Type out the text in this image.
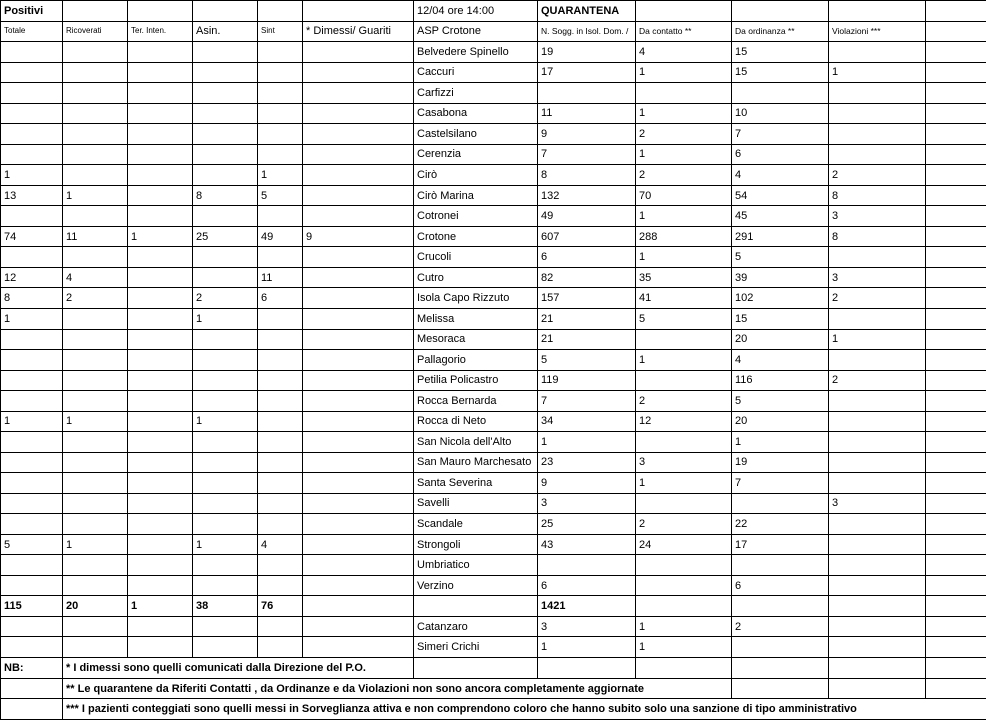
Positivi						12/04 ore 14:00	QUARANTENA				
Totale	Ricoverati	Ter. Inten.	Asin.	Sint	* Dimessi/ Guariti	ASP Crotone	N. Sogg. in Isol. Dom. /	Da contatto **	Da ordinanza **	Violazioni ***	
						Belvedere Spinello	19	4	15		
						Caccuri	17	1	15	1	
						Carfizzi					
						Casabona	11	1	10		
						Castelsilano	9	2	7		
						Cerenzia	7	1	6		
1				1		Cirò	8	2	4	2	
13	1		8	5		Cirò Marina	132	70	54	8	
						Cotronei	49	1	45	3	
74	11	1	25	49	9	Crotone	607	288	291	8	
						Crucoli	6	1	5		
12	4			11		Cutro	82	35	39	3	
8	2		2	6		Isola Capo Rizzuto	157	41	102	2	
1			1			Melissa	21	5	15		
						Mesoraca	21		20	1	
						Pallagorio	5	1	4		
						Petilia Policastro	119		116	2	
						Rocca Bernarda	7	2	5		
1	1		1			Rocca di Neto	34	12	20		
						San Nicola dell'Alto	1		1		
						San Mauro Marchesato	23	3	19		
						Santa Severina	9	1	7		
						Savelli	3			3	
						Scandale	25	2	22		
5	1		1	4		Strongoli	43	24	17		
						Umbriatico					
						Verzino	6		6		
115	20	1	38	76			1421				
						Catanzaro	3	1	2		
						Simeri Crichi	1	1			
NB:	* I dimessi sono quelli comunicati dalla Direzione del P.O.										
	** Le quarantene da Riferiti Contatti , da Ordinanze e da Violazioni non sono ancora completamente aggiornate										
	*** I pazienti conteggiati sono quelli messi in Sorveglianza attiva e non comprendono coloro che hanno subito solo una sanzione di tipo amministrativo										
